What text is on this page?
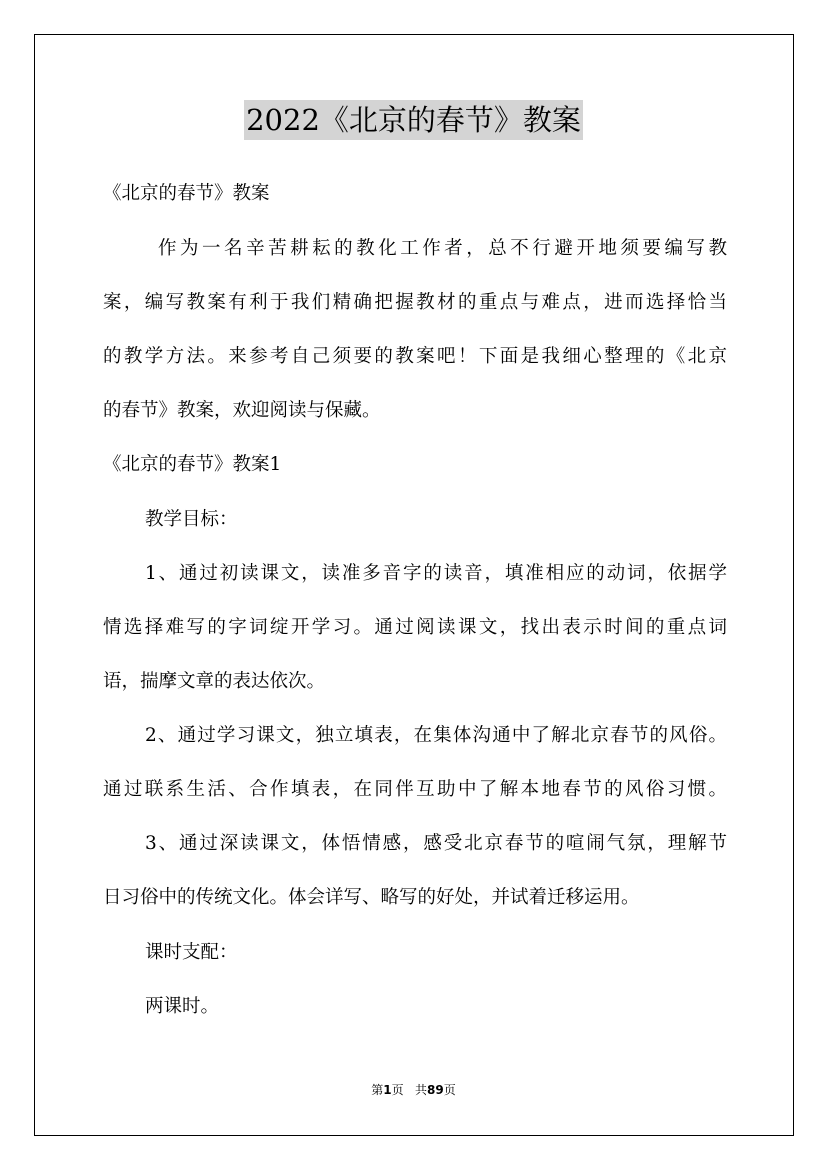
2022《北京的春节》教案
《北京的春节》教案
作为一名辛苦耕耘的教化工作者，总不行避开地须要编写教
案，编写教案有利于我们精确把握教材的重点与难点，进而选择恰当
的教学方法。来参考自己须要的教案吧！下面是我细心整理的《北京
的春节》教案，欢迎阅读与保藏。
《北京的春节》教案1
教学目标：
1、通过初读课文，读准多音字的读音，填准相应的动词，依据学
情选择难写的字词绽开学习。通过阅读课文，找出表示时间的重点词
语，揣摩文章的表达依次。
2、通过学习课文，独立填表，在集体沟通中了解北京春节的风俗。
通过联系生活、合作填表，在同伴互助中了解本地春节的风俗习惯。
3、通过深读课文，体悟情感，感受北京春节的喧闹气氛，理解节
日习俗中的传统文化。体会详写、略写的好处，并试着迁移运用。
课时支配：
两课时。
第1页   共89页
